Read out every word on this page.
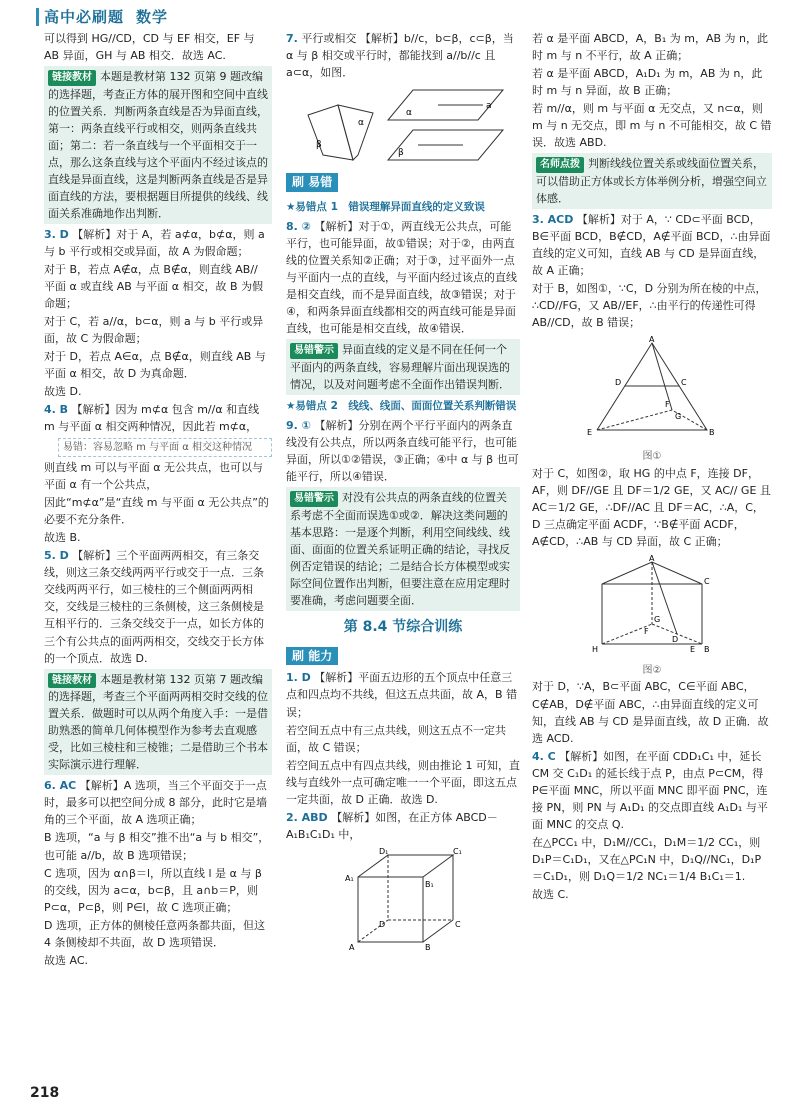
高中必刷题 数学

可以得到 HG//CD，CD 与 EF 相交，EF 与 AB 异面，GH 与 AB 相交．故选 AC.

链接教材 本题是教材第 132 页第 9 题改编的选择题，考查正方体的展开图和空间中直线的位置关系．判断两条直线是否为异面直线，第一：两条直线平行或相交，则两条直线共面；第二：若一条直线与一个平面相交于一点，那么这条直线与这个平面内不经过该点的直线是异面直线，这是判断两条直线是否是异面直线的方法，要根据题目所提供的线线、线面关系准确地作出判断．

3. D 【解析】对于 A，若 a⊄α，b⊄α，则 a 与 b 平行或相交或异面，故 A 为假命题；

对于 B，若点 A∉α，点 B∉α，则直线 AB// 平面 α 或直线 AB 与平面 α 相交，故 B 为假命题；

对于 C，若 a//α，b⊂α，则 a 与 b 平行或异面，故 C 为假命题；

对于 D，若点 A∈α，点 B∉α，则直线 AB 与平面 α 相交，故 D 为真命题．

故选 D.

4. B 【解析】因为 m⊄α 包含 m//α 和直线 m 与平面 α 相交两种情况，因此若 m⊄α，

易错：容易忽略 m 与平面 α 相交这种情况

则直线 m 可以与平面 α 无公共点，也可以与平面 α 有一个公共点，

因此“m⊄α”是“直线 m 与平面 α 无公共点”的必要不充分条件．

故选 B.

5. D 【解析】三个平面两两相交，有三条交线，则这三条交线两两平行或交于一点．三条交线两两平行，如三棱柱的三个侧面两两相交，交线是三棱柱的三条侧棱，这三条侧棱是互相平行的．三条交线交于一点，如长方体的三个有公共点的面两两相交，交线交于长方体的一个顶点．故选 D.

链接教材 本题是教材第 132 页第 7 题改编的选择题，考查三个平面两两相交时交线的位置关系．做题时可以从两个角度入手：一是借助熟悉的简单几何体模型作为参考去直观感受，比如三棱柱和三棱锥；二是借助三个书本实际演示进行理解．

6. AC 【解析】A 选项，当三个平面交于一点时，最多可以把空间分成 8 部分，此时它是墙角的三个平面，故 A 选项正确；

B 选项，“a 与 β 相交”推不出“a 与 b 相交”，也可能 a//b，故 B 选项错误；

C 选项，因为 α∩β＝l，所以直线 l 是 α 与 β 的交线，因为 a⊂α，b⊂β，且 a∩b＝P，则 P⊂α，P⊂β，则 P∈l，故 C 选项正确；

D 选项，正方体的侧棱任意两条都共面，但这 4 条侧棱却不共面，故 D 选项错误．

故选 AC.

7. 平行或相交 【解析】b//c，b⊂β，c⊂β，当 α 与 β 相交或平行时，都能找到 a//b//c 且 a⊂α，如图．

β
α
α
a
β
刷 易错
★易错点 1　错误理解异面直线的定义致误

8. ② 【解析】对于①，两直线无公共点，可能平行，也可能异面，故①错误；对于②，由两直线的位置关系知②正确；对于③，过平面外一点与平面内一点的直线，与平面内经过该点的直线是相交直线，而不是异面直线，故③错误；对于④，和两条异面直线都相交的两直线可能是异面直线，也可能是相交直线，故④错误．

易错警示 异面直线的定义是不同在任何一个平面内的两条直线，容易理解片面出现误选的情况，以及对问题考虑不全面作出错误判断．
★易错点 2　线线、线面、面面位置关系判断错误

9. ① 【解析】分别在两个平行平面内的两条直线没有公共点，所以两条直线可能平行，也可能异面，所以①②错误，③正确；④中 α 与 β 也可能平行，所以④错误．

易错警示 对没有公共点的两条直线的位置关系考虑不全面而误选①或②．解决这类问题的基本思路：一是逐个判断，利用空间线线、线面、面面的位置关系证明正确的结论，寻找反例否定错误的结论；二是结合长方体模型或实际空间位置作出判断，但要注意在应用定理时要准确，考虑问题要全面．
第 8.4 节综合训练
刷 能力

1. D 【解析】平面五边形的五个顶点中任意三点和四点均不共线，但这五点共面，故 A，B 错误；

若空间五点中有三点共线，则这五点不一定共面，故 C 错误；

若空间五点中有四点共线，则由推论 1 可知，直线与直线外一点可确定唯一一个平面，即这五点一定共面，故 D 正确．故选 D.

2. ABD 【解析】如图，在正方体 ABCD－A₁B₁C₁D₁ 中，

A	B
C
D
A₁
B₁
C₁
D₁

若 α 是平面 ABCD，A，B₁ 为 m，AB 为 n，此时 m 与 n 不平行，故 A 正确；

若 α 是平面 ABCD，A₁D₁ 为 m，AB 为 n，此时 m 与 n 异面，故 B 正确；

若 m//α，则 m 与平面 α 无交点，又 n⊂α，则 m 与 n 无交点，即 m 与 n 不可能相交，故 C 错误．故选 ABD.

名师点拨 判断线线位置关系或线面位置关系，可以借助正方体或长方体举例分析，增强空间立体感．

3. ACD 【解析】对于 A，∵ CD⊂平面 BCD，B∈平面 BCD，B∉CD，A∉平面 BCD，∴由异面直线的定义可知，直线 AB 与 CD 是异面直线，故 A 正确；

对于 B，如图①，∵C，D 分别为所在棱的中点，∴CD//FG，又 AB//EF，∴由平行的传递性可得 AB//CD，故 B 错误；

A
B
C
D
E
F
G
图①

对于 C，如图②，取 HG 的中点 F，连接 DF，AF，则 DF//GE 且 DF＝1/2 GE，又 AC// GE 且 AC＝1/2 GE，∴DF//AC 且 DF＝AC，∴A，C，D 三点确定平面 ACDF，∵B∉平面 ACDF，A∉CD，∴AB 与 CD 异面，故 C 正确；

A
B
C
D
E
F
G
H
图②

对于 D，∵A，B⊂平面 ABC，C∈平面 ABC，C∉AB，D∉平面 ABC，∴由异面直线的定义可知，直线 AB 与 CD 是异面直线，故 D 正确．故选 ACD.

4. C 【解析】如图，在平面 CDD₁C₁ 中，延长 CM 交 C₁D₁ 的延长线于点 P，由点 P⊂CM，得 P∈平面 MNC，所以平面 MNC 即平面 PNC，连接 PN，则 PN 与 A₁D₁ 的交点即直线 A₁D₁ 与平面 MNC 的交点 Q.

在△PCC₁ 中，D₁M//CC₁，D₁M＝1/2 CC₁，则 D₁P＝C₁D₁，又在△PC₁N 中，D₁Q//NC₁，D₁P＝C₁D₁，则 D₁Q＝1/2 NC₁＝1/4 B₁C₁＝1.

故选 C.

218
